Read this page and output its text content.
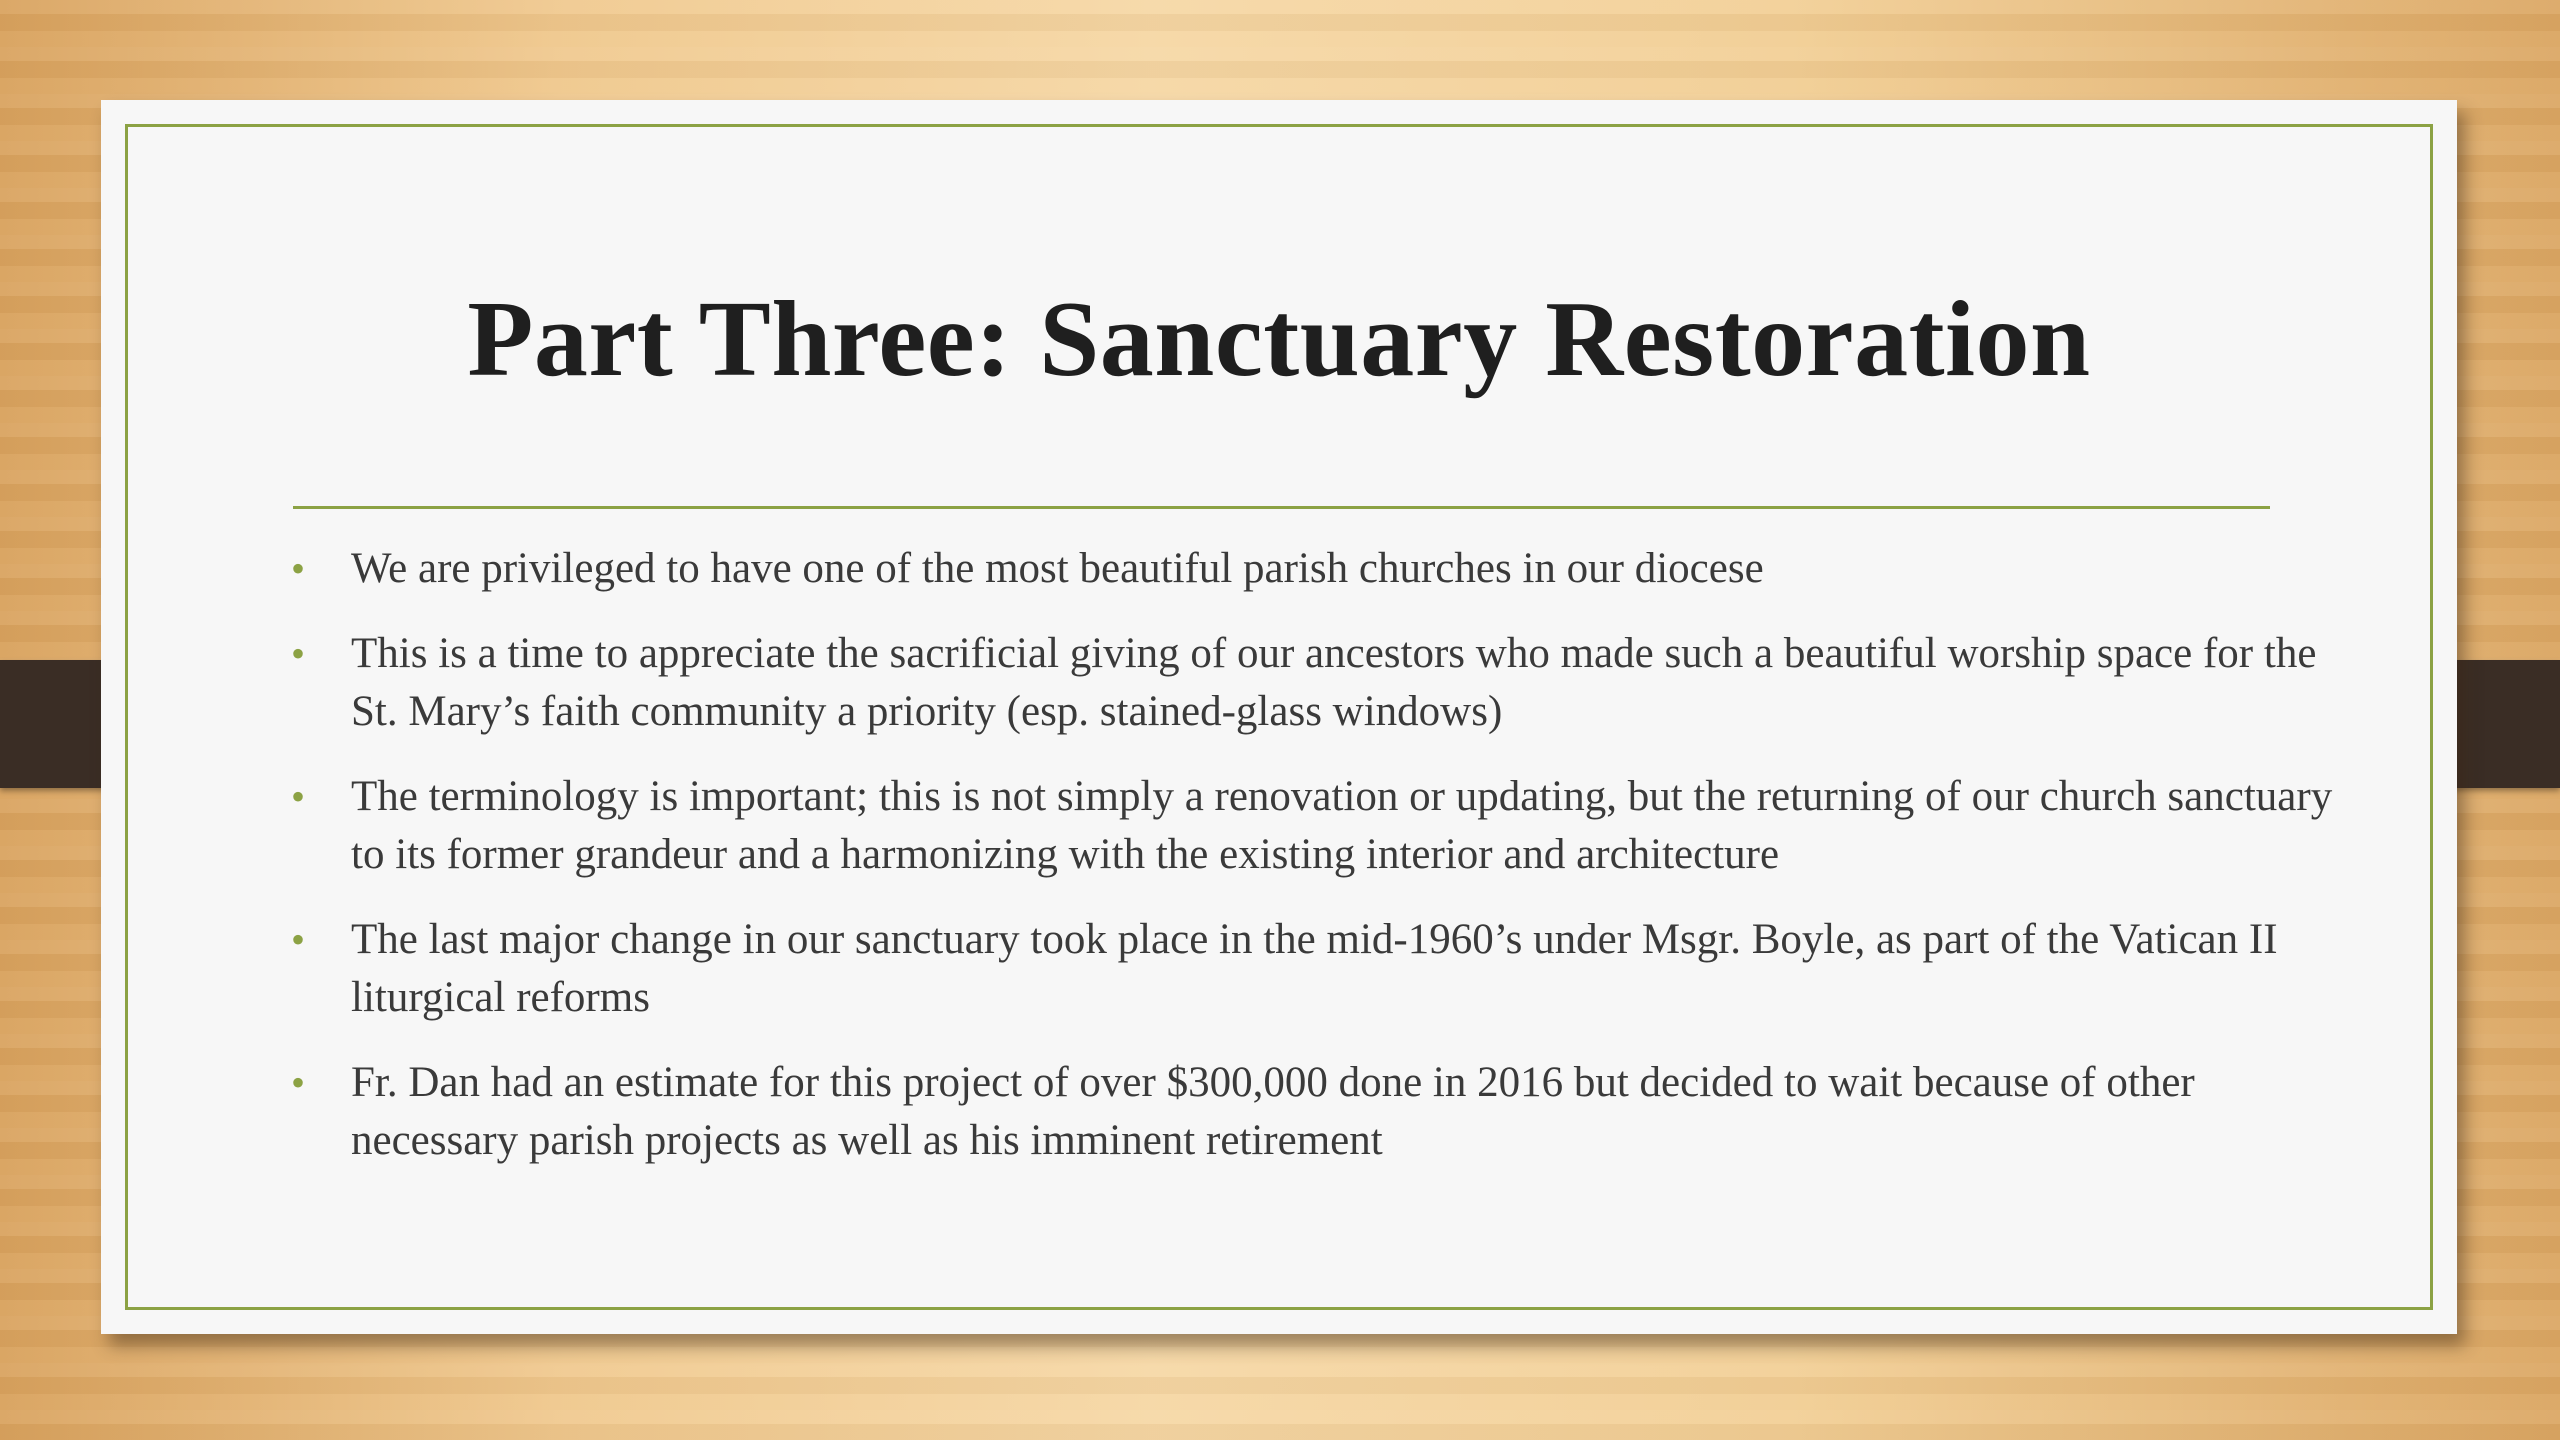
Part Three: Sanctuary Restoration
• We are privileged to have one of the most beautiful parish churches in our diocese
• This is a time to appreciate the sacrificial giving of our ancestors who made such a beautiful worship space for the St. Mary’s faith community a priority (esp. stained-glass windows)
• The terminology is important; this is not simply a renovation or updating, but the returning of our church sanctuary to its former grandeur and a harmonizing with the existing interior and architecture
• The last major change in our sanctuary took place in the mid-1960’s under Msgr. Boyle, as part of the Vatican II liturgical reforms
• Fr. Dan had an estimate for this project of over $300,000 done in 2016 but decided to wait because of other necessary parish projects as well as his imminent retirement
